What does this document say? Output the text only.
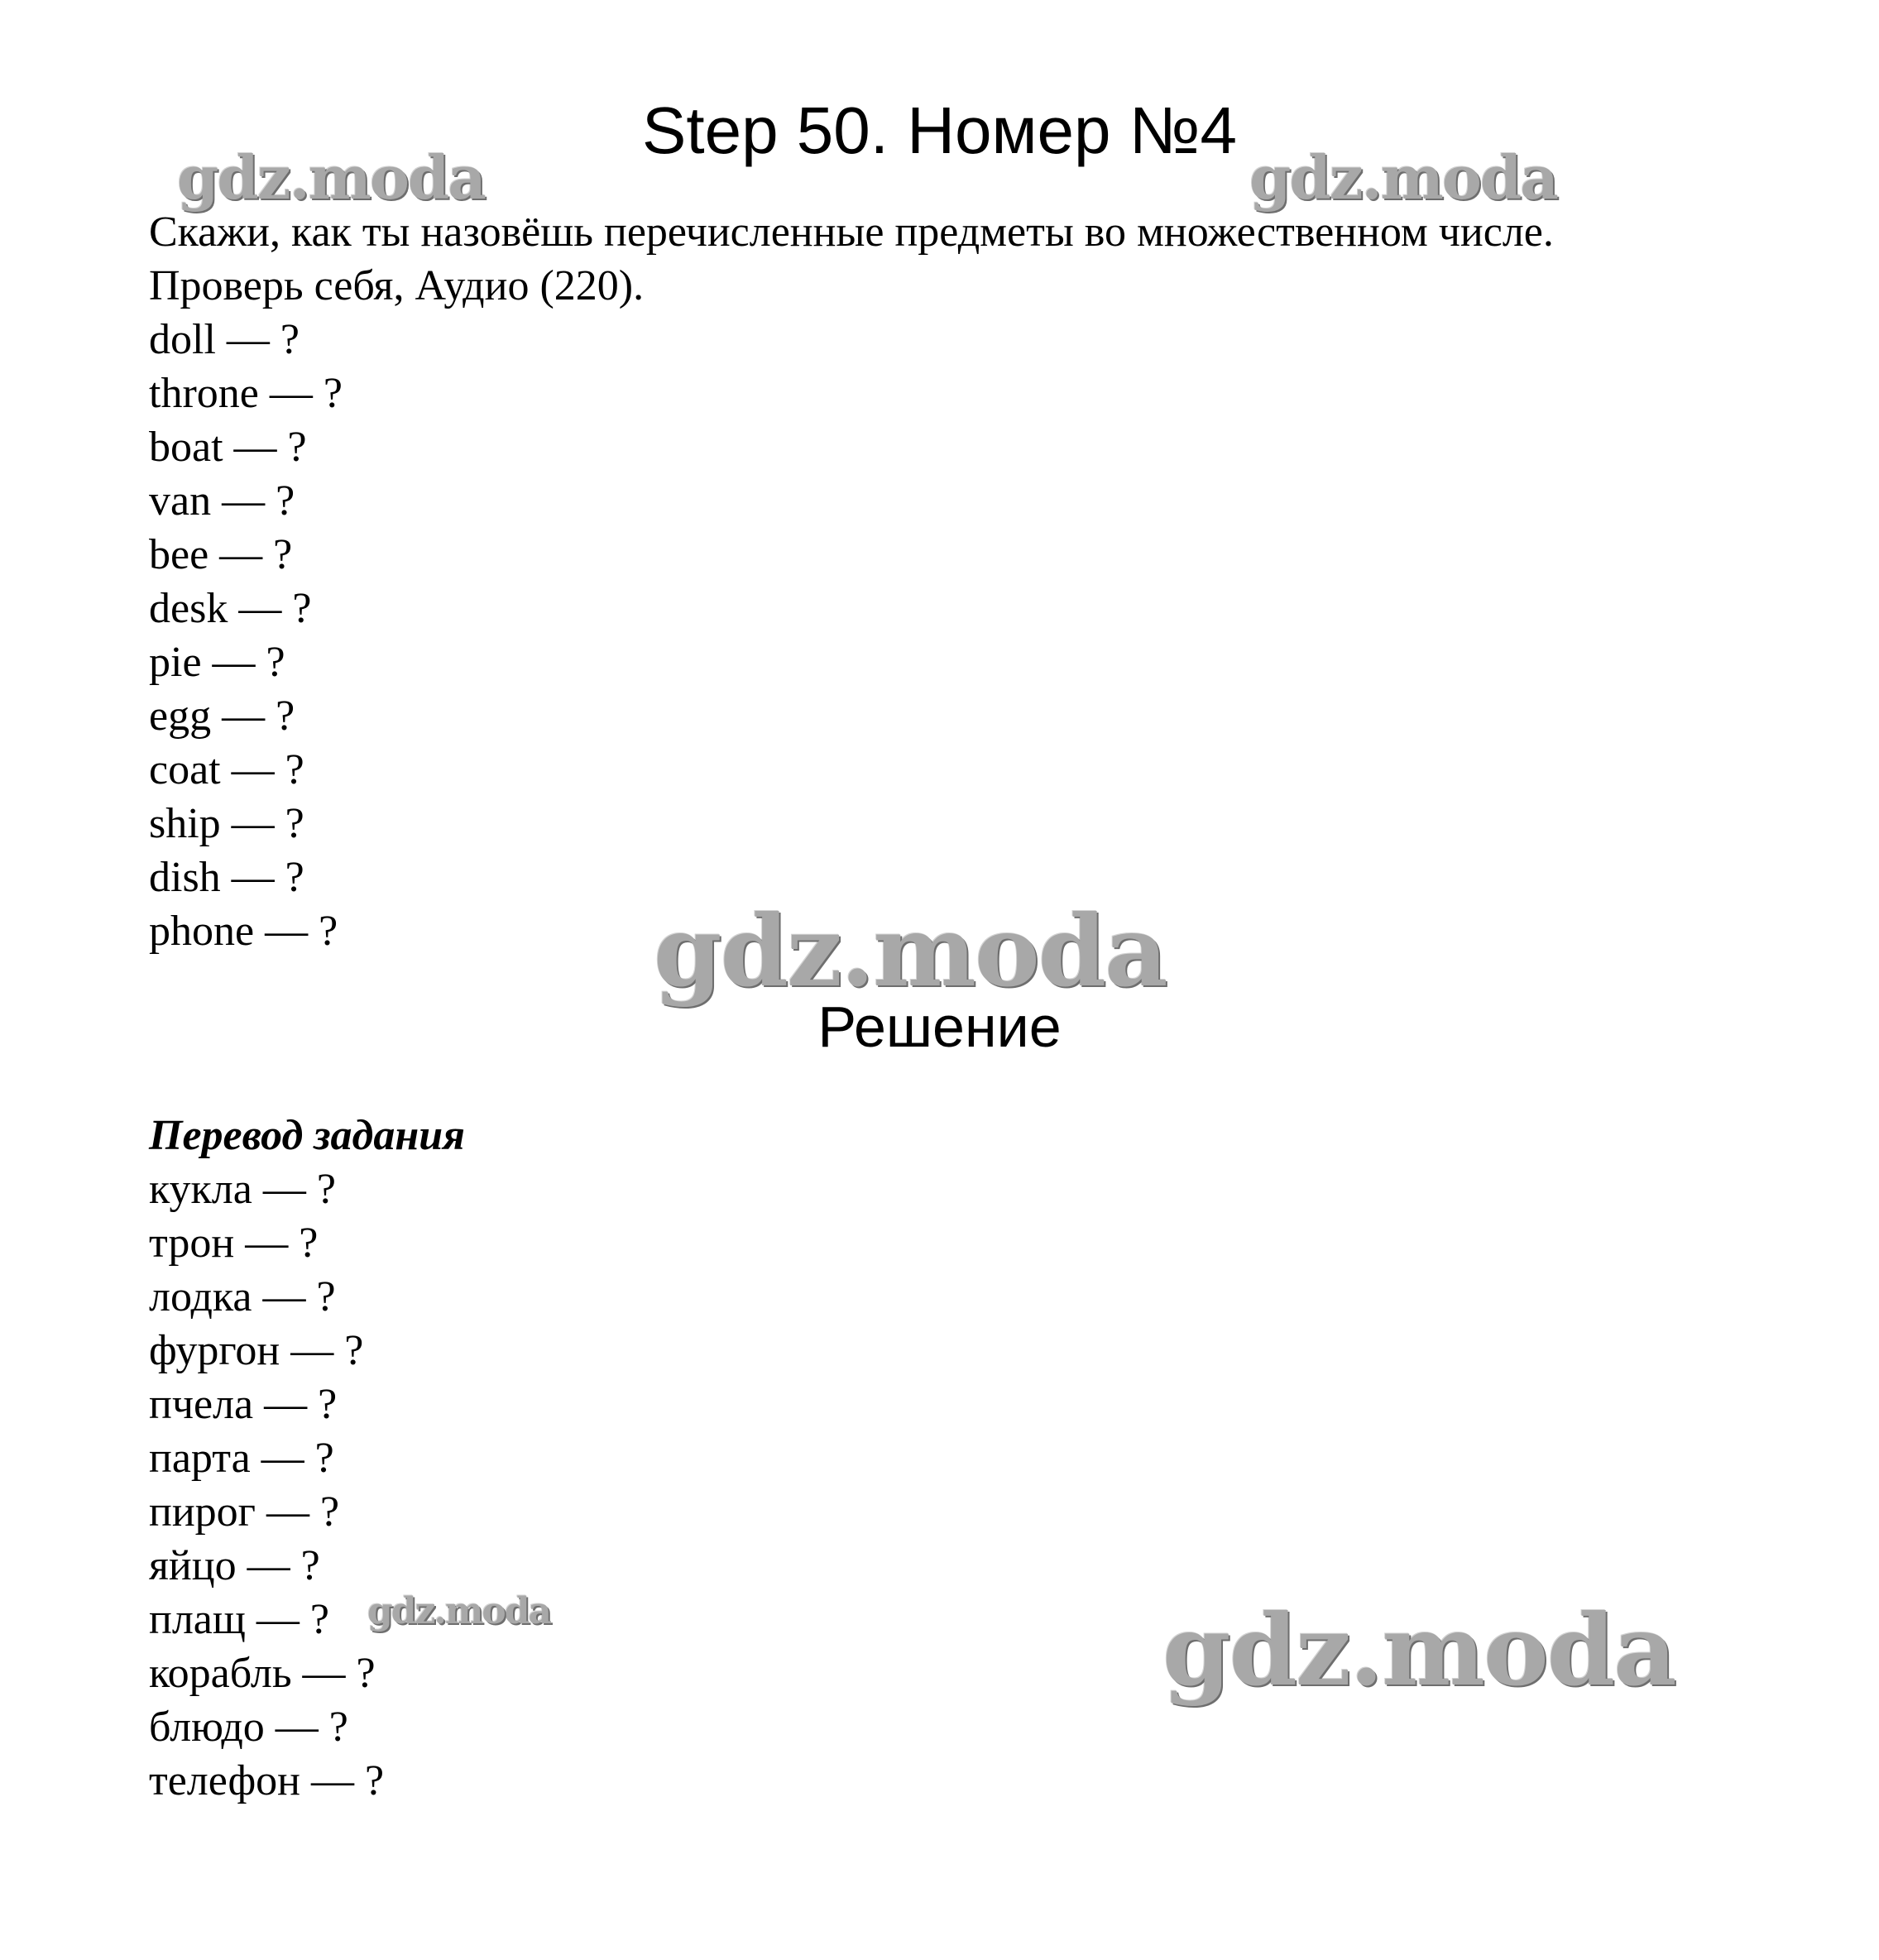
Step 50. Номер №4
Скажи, как ты назовёшь перечисленные предметы во множественном числе.
Проверь себя, Аудио (220).
doll — ?
throne — ?
boat — ?
van — ?
bee — ?
desk — ?
pie — ?
egg — ?
coat — ?
ship — ?
dish — ?
phone — ?
Решение
Перевод задания
кукла — ?
трон — ?
лодка — ?
фургон — ?
пчела — ?
парта — ?
пирог — ?
яйцо — ?
плащ — ?
корабль — ?
блюдо — ?
телефон — ?
gdz.moda	gdz.moda
gdz.moda
gdz.moda	gdz.moda
